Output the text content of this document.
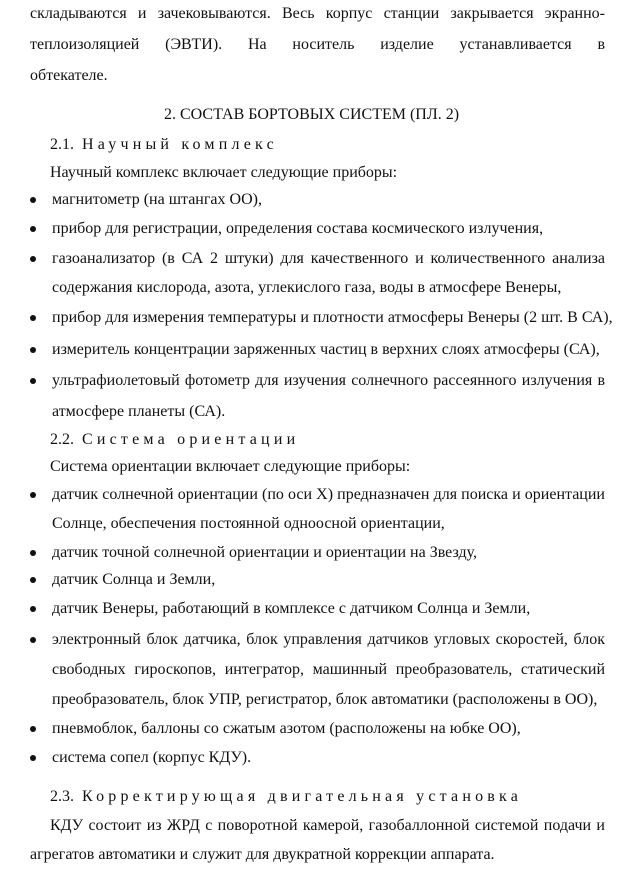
складываются и зачековываются. Весь корпус станции закрывается экранно-
теплоизоляцией (ЭВТИ). На носитель изделие устанавливается в
обтекателе.
2. СОСТАВ БОРТОВЫХ СИСТЕМ (ПЛ. 2)
2.1. Научный комплекс
Научный комплекс включает следующие приборы:
магнитометр (на штангах ОО),
прибор для регистрации, определения состава космического излучения,
газоанализатор (в СА 2 штуки) для качественного и количественного анализа
содержания кислорода, азота, углекислого газа, воды в атмосфере Венеры,
прибор для измерения температуры и плотности атмосферы Венеры (2 шт. В СА),
измеритель концентрации заряженных частиц в верхних слоях атмосферы (СА),
ультрафиолетовый фотометр для изучения солнечного рассеянного излучения в
атмосфере планеты (СА).
2.2. Система ориентации
Система ориентации включает следующие приборы:
датчик солнечной ориентации (по оси Х) предназначен для поиска и ориентации
Солнце, обеспечения постоянной одноосной ориентации,
датчик точной солнечной ориентации и ориентации на Звезду,
датчик Солнца и Земли,
датчик Венеры, работающий в комплексе с датчиком Солнца и Земли,
электронный блок датчика, блок управления датчиков угловых скоростей, блок
свободных гироскопов, интегратор, машинный преобразователь, статический
преобразователь, блок УПР, регистратор, блок автоматики (расположены в ОО),
пневмоблок, баллоны со сжатым азотом (расположены на юбке ОО),
система сопел (корпус КДУ).
2.3. Корректирующая двигательная установка
КДУ состоит из ЖРД с поворотной камерой, газобаллонной системой подачи и
агрегатов автоматики и служит для двукратной коррекции аппарата.
